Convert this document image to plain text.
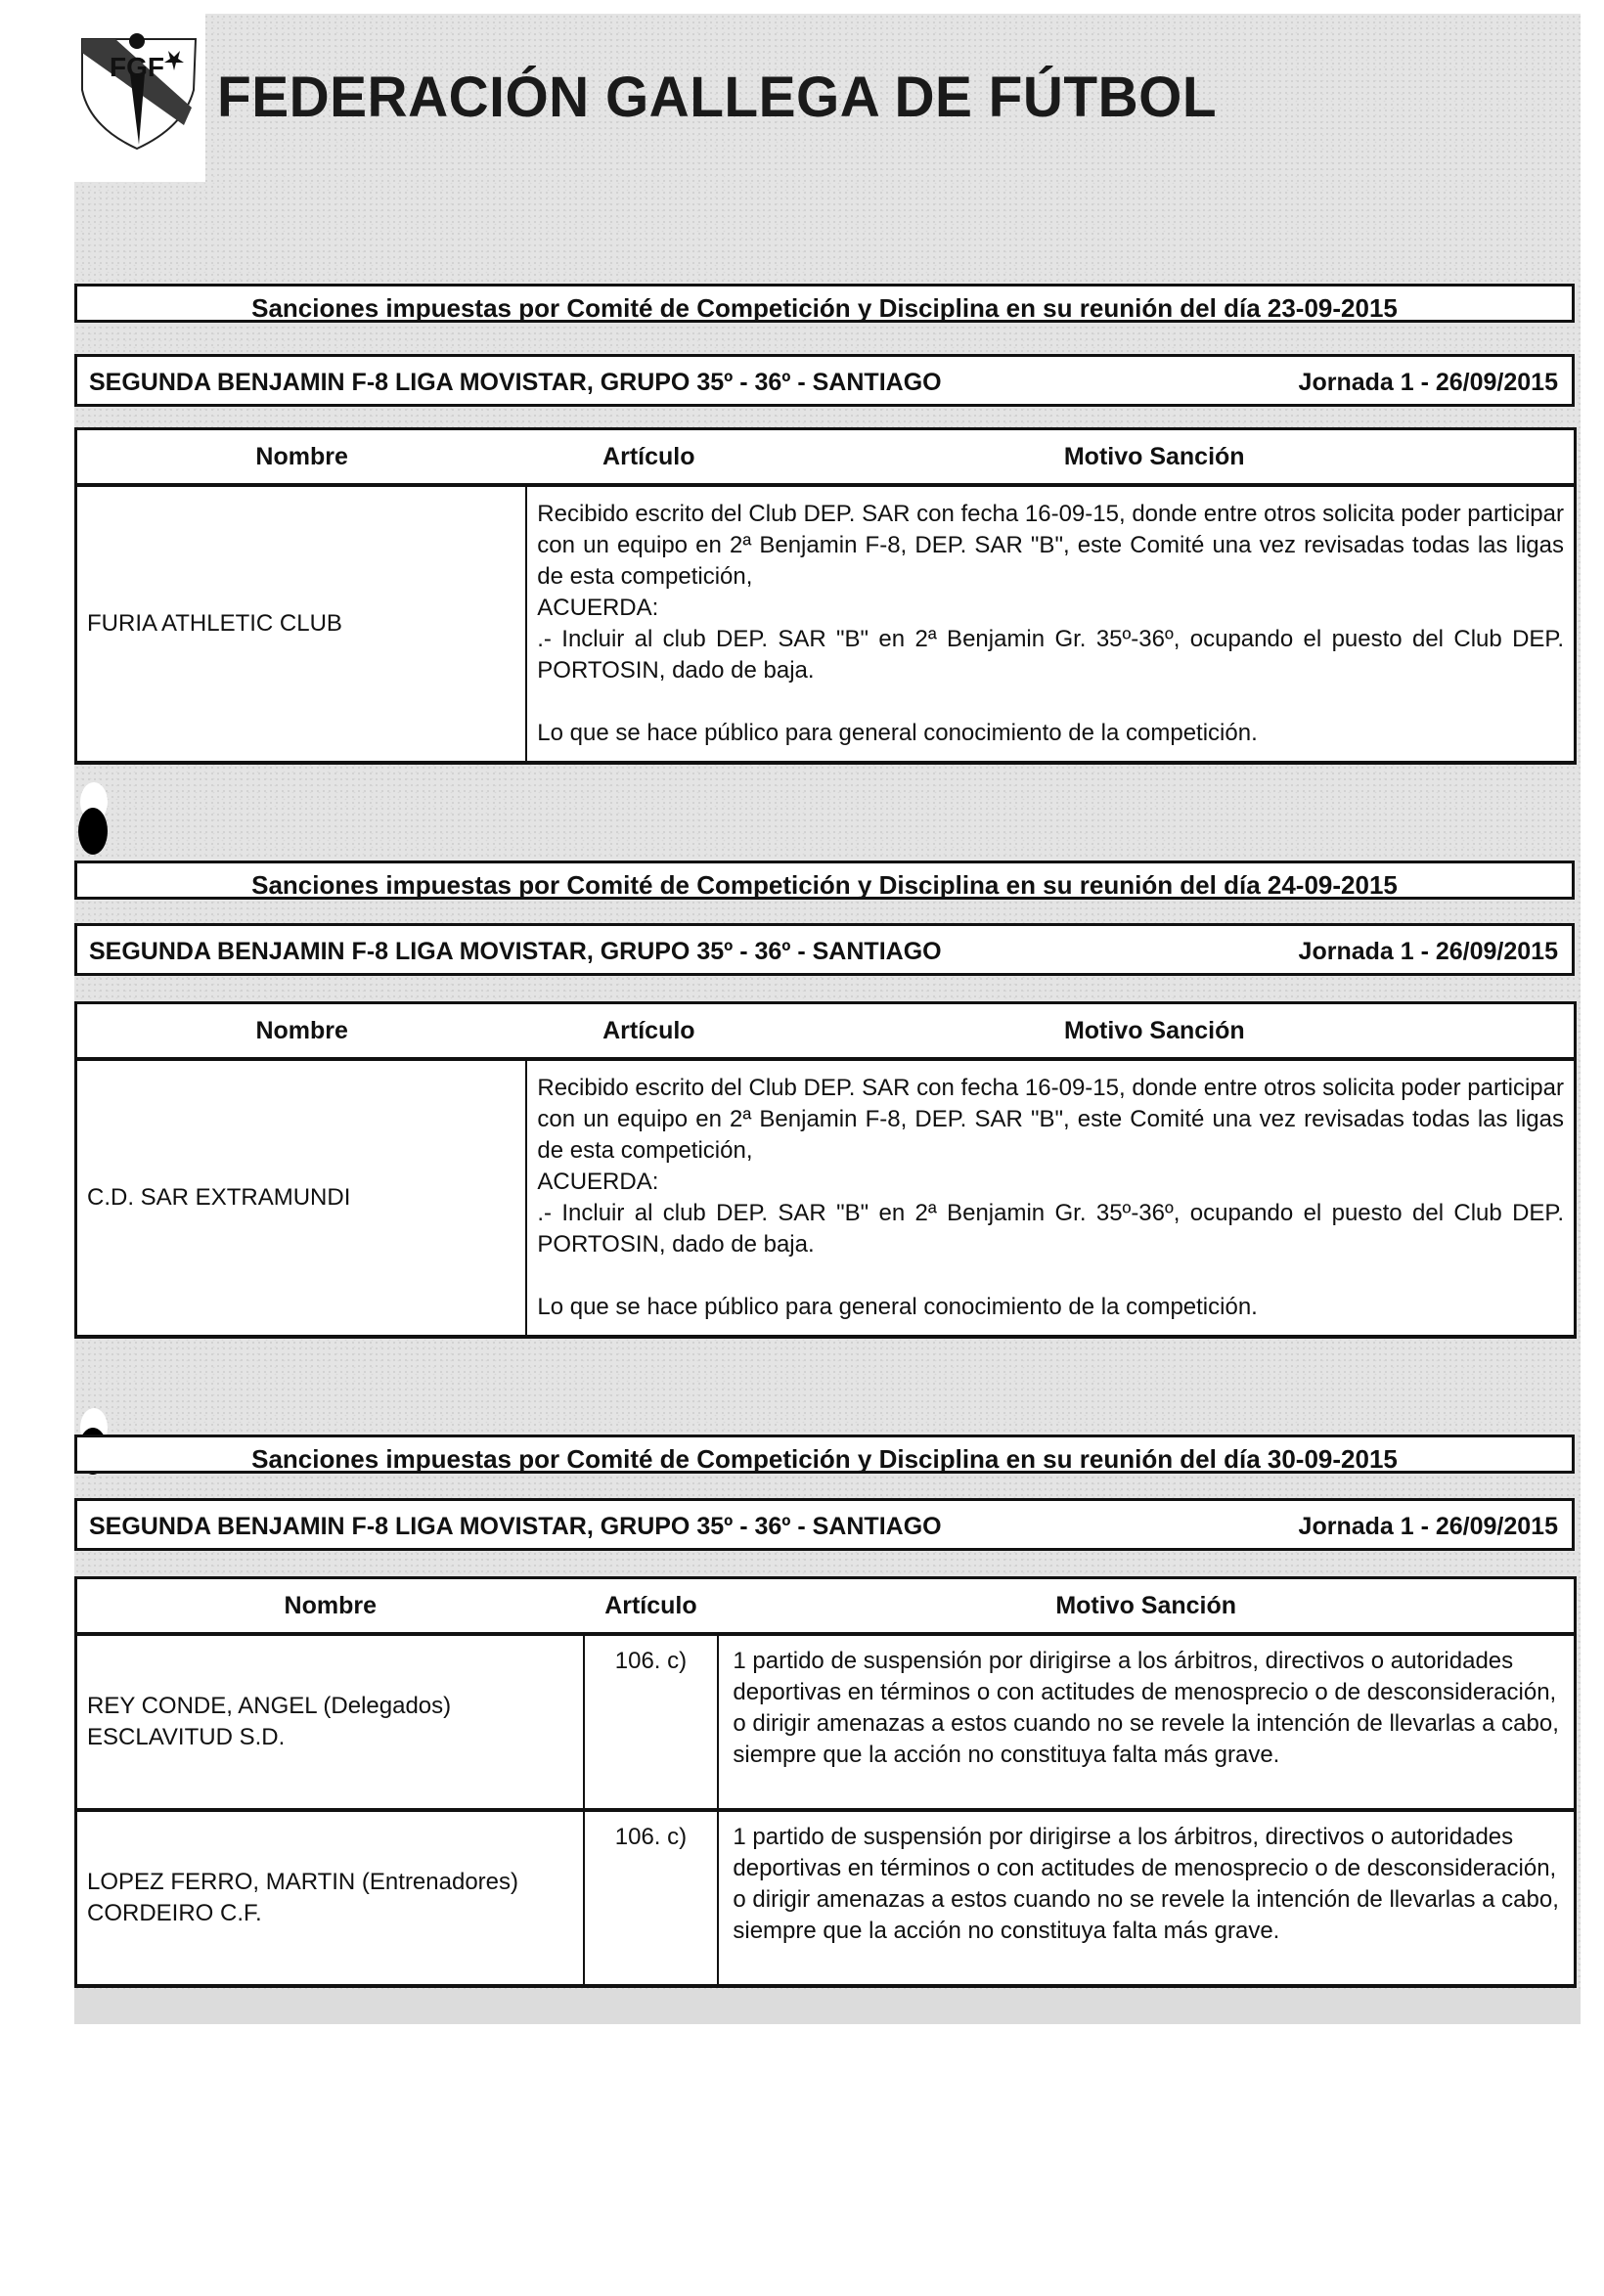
FGF FEDERACIÓN GALLEGA DE FÚTBOL
Sanciones impuestas por Comité de Competición y Disciplina en su reunión del día 23-09-2015
SEGUNDA BENJAMIN F-8 LIGA MOVISTAR, GRUPO 35º - 36º - SANTIAGO	Jornada 1 - 26/09/2015
Nombre	Artículo Motivo Sanción
FURIA ATHLETIC CLUB	Recibido escrito del Club DEP. SAR con fecha 16-09-15, donde entre otros solicita poder participar con un equipo en 2ª Benjamin F-8, DEP. SAR "B", este Comité una vez revisadas todas las ligas de esta competición,

ACUERDA:

.- Incluir al club DEP. SAR "B" en 2ª Benjamin Gr. 35º-36º, ocupando el puesto del Club DEP. PORTOSIN, dado de baja.

Lo que se hace público para general conocimiento de la competición.

Sanciones impuestas por Comité de Competición y Disciplina en su reunión del día 24-09-2015
SEGUNDA BENJAMIN F-8 LIGA MOVISTAR, GRUPO 35º - 36º - SANTIAGO	Jornada 1 - 26/09/2015
Nombre	Artículo Motivo Sanción
C.D. SAR EXTRAMUNDI	Recibido escrito del Club DEP. SAR con fecha 16-09-15, donde entre otros solicita poder participar con un equipo en 2ª Benjamin F-8, DEP. SAR "B", este Comité una vez revisadas todas las ligas de esta competición,

ACUERDA:

.- Incluir al club DEP. SAR "B" en 2ª Benjamin Gr. 35º-36º, ocupando el puesto del Club DEP. PORTOSIN, dado de baja.

Lo que se hace público para general conocimiento de la competición.

Sanciones impuestas por Comité de Competición y Disciplina en su reunión del día 30-09-2015
SEGUNDA BENJAMIN F-8 LIGA MOVISTAR, GRUPO 35º - 36º - SANTIAGO	Jornada 1 - 26/09/2015
Nombre	Artículo	Motivo Sanción

REY CONDE, ANGEL (Delegados)
ESCLAVITUD S.D.	106. c)	1 partido de suspensión por dirigirse a los árbitros, directivos o autoridades deportivas en términos o con actitudes de menosprecio o de desconsideración, o dirigir amenazas a estos cuando no se revele la intención de llevarlas a cabo, siempre que la acción no constituya falta más grave.

LOPEZ FERRO, MARTIN (Entrenadores)
CORDEIRO C.F.	106. c)	1 partido de suspensión por dirigirse a los árbitros, directivos o autoridades deportivas en términos o con actitudes de menosprecio o de desconsideración, o dirigir amenazas a estos cuando no se revele la intención de llevarlas a cabo, siempre que la acción no constituya falta más grave.
